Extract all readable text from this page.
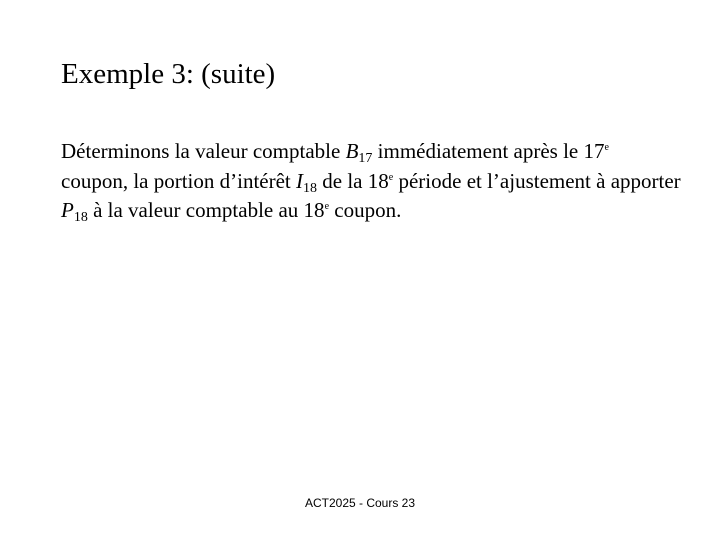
Exemple 3: (suite)

Déterminons la valeur comptable $B_{17}$ immédiatement après le 17e coupon, la portion d’intérêt $I_{18}$ de la 18e période et l’ajustement à apporter $P_{18}$ à la valeur comptable au 18e coupon.

ACT2025 - Cours 23
